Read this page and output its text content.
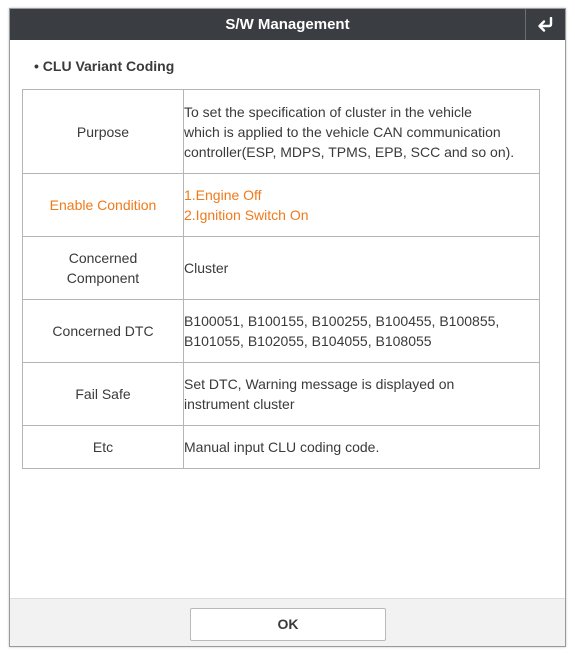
S/W Management
• CLU Variant Coding
Purpose	To set the specification of cluster in the vehicle
which is applied to the vehicle CAN communication
controller(ESP, MDPS, TPMS, EPB, SCC and so on).

Enable Condition	1.Engine Off
2.Ignition Switch On

Concerned
Component	Cluster

Concerned DTC	B100051, B100155, B100255, B100455, B100855,
B101055, B102055, B104055, B108055

Fail Safe	Set DTC, Warning message is displayed on
instrument cluster

Etc	Manual input CLU coding code.
OK
